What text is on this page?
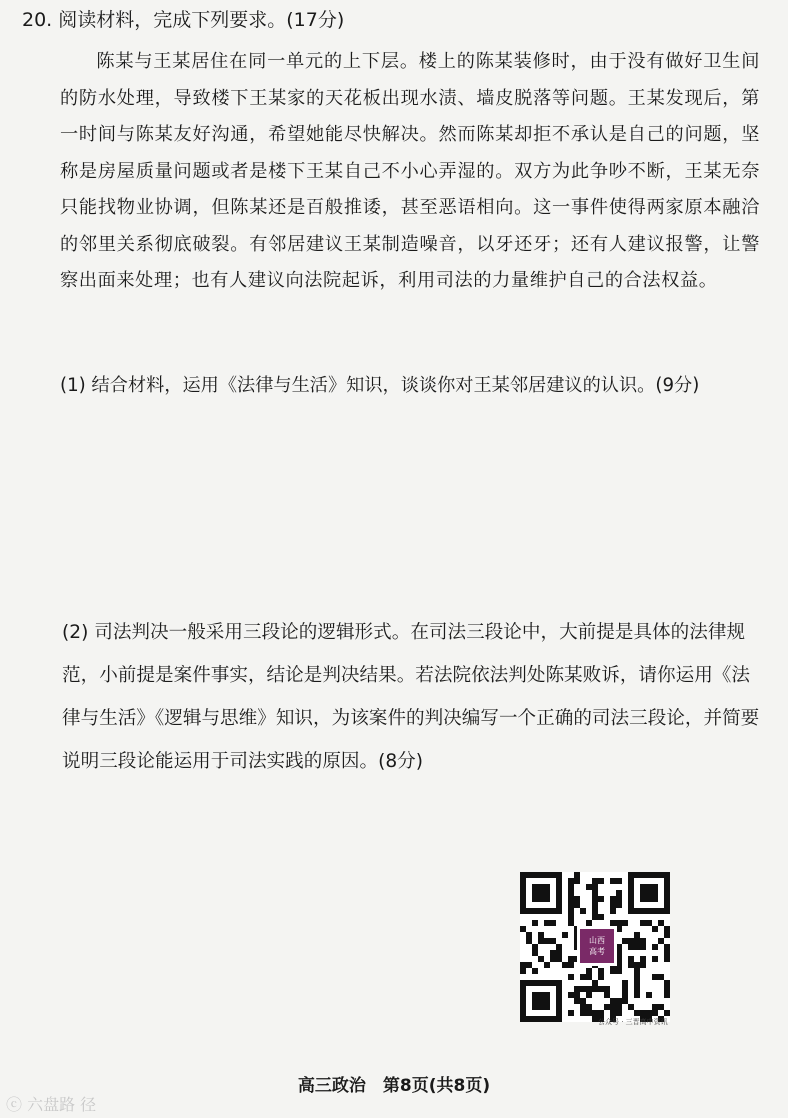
20. 阅读材料，完成下列要求。(17分)
陈某与王某居住在同一单元的上下层。楼上的陈某装修时，由于没有做好卫生间的防水处理，导致楼下王某家的天花板出现水渍、墙皮脱落等问题。王某发现后，第一时间与陈某友好沟通，希望她能尽快解决。然而陈某却拒不承认是自己的问题，坚称是房屋质量问题或者是楼下王某自己不小心弄湿的。双方为此争吵不断，王某无奈只能找物业协调，但陈某还是百般推诿，甚至恶语相向。这一事件使得两家原本融洽的邻里关系彻底破裂。有邻居建议王某制造噪音，以牙还牙；还有人建议报警，让警察出面来处理；也有人建议向法院起诉，利用司法的力量维护自己的合法权益。
(1) 结合材料，运用《法律与生活》知识，谈谈你对王某邻居建议的认识。(9分)
(2) 司法判决一般采用三段论的逻辑形式。在司法三段论中，大前提是具体的法律规范，小前提是案件事实，结论是判决结果。若法院依法判处陈某败诉，请你运用《法律与生活》《逻辑与思维》知识，为该案件的判决编写一个正确的司法三段论，并简要说明三段论能运用于司法实践的原因。(8分)
山西
高考
公众号 · 三晋高中资讯
高三政治　第8页(共8页)
ⓒ 六盘路 径
